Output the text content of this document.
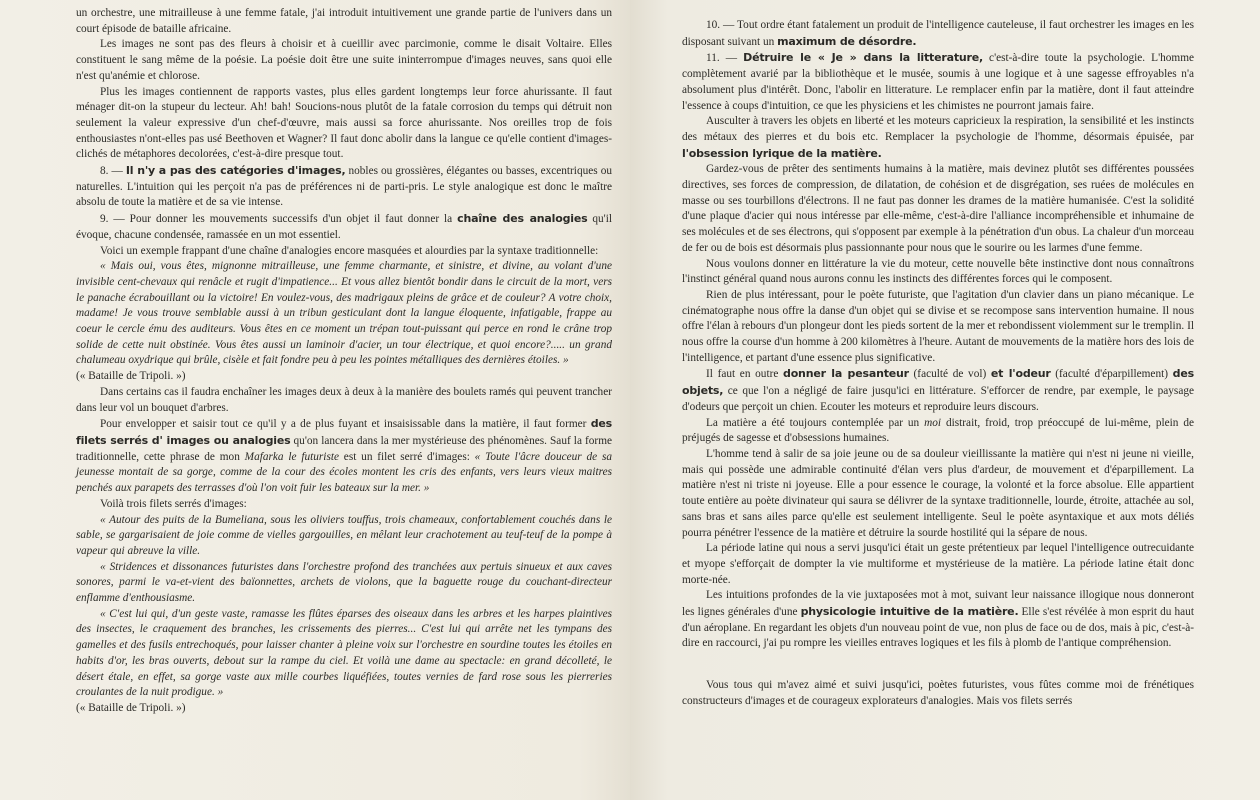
un orchestre, une mitrailleuse à une femme fatale, j'ai introduit intuitivement une grande partie de l'univers dans un court épisode de bataille africaine.

Les images ne sont pas des fleurs à choisir et à cueillir avec parcimonie, comme le disait Voltaire. Elles constituent le sang même de la poésie. La poésie doit être une suite ininterrompue d'images neuves, sans quoi elle n'est qu'anémie et chlorose.

Plus les images contiennent de rapports vastes, plus elles gardent longtemps leur force ahurissante. Il faut ménager dit-on la stupeur du lecteur. Ah! bah! Soucions-nous plutôt de la fatale corrosion du temps qui détruit non seulement la valeur expressive d'un chef-d'œuvre, mais aussi sa force ahurissante. Nos oreilles trop de fois enthousiastes n'ont-elles pas usé Beethoven et Wagner? Il faut donc abolir dans la langue ce qu'elle contient d'images-clichés de métaphores decolorées, c'est-à-dire presque tout.

8. — Il n'y a pas des catégories d'images, nobles ou grossières, élégantes ou basses, excentriques ou naturelles. L'intuition qui les perçoit n'a pas de préférences ni de parti-pris. Le style analogique est donc le maître absolu de toute la matière et de sa vie intense.

9. — Pour donner les mouvements successifs d'un objet il faut donner la chaîne des analogies qu'il évoque, chacune condensée, ramassée en un mot essentiel.

Voici un exemple frappant d'une chaîne d'analogies encore masquées et alourdies par la syntaxe traditionnelle:

« Mais oui, vous êtes, mignonne mitrailleuse, une femme charmante, et sinistre, et divine, au volant d'une invisible cent-chevaux qui renâcle et rugit d'impatience... Et vous allez bientôt bondir dans le circuit de la mort, vers le panache écrabouillant ou la victoire! En voulez-vous, des madrigaux pleins de grâce et de couleur? A votre choix, madame! Je vous trouve semblable aussi à un tribun gesticulant dont la langue éloquente, infatigable, frappe au coeur le cercle ému des auditeurs. Vous êtes en ce moment un trépan tout-puissant qui perce en rond le crâne trop solide de cette nuit obstinée. Vous êtes aussi un laminoir d'acier, un tour électrique, et quoi encore?..... un grand chalumeau oxydrique qui brûle, cisèle et fait fondre peu à peu les pointes métalliques des dernières étoiles. »

(« Bataille de Tripoli. »)

Dans certains cas il faudra enchaîner les images deux à deux à la manière des boulets ramés qui peuvent trancher dans leur vol un bouquet d'arbres.

Pour envelopper et saisir tout ce qu'il y a de plus fuyant et insaisissable dans la matière, il faut former des filets serrés d' images ou analogies qu'on lancera dans la mer mystérieuse des phénomènes. Sauf la forme traditionnelle, cette phrase de mon Mafarka le futuriste est un filet serré d'images: « Toute l'âcre douceur de sa jeunesse montait de sa gorge, comme de la cour des écoles montent les cris des enfants, vers leurs vieux maitres penchés aux parapets des terrasses d'où l'on voit fuir les bateaux sur la mer. »

Voilà trois filets serrés d'images:

« Autour des puits de la Bumeliana, sous les oliviers touffus, trois chameaux, confortablement couchés dans le sable, se gargarisaient de joie comme de vielles gargouilles, en mêlant leur crachotement au teuf-teuf de la pompe à vapeur qui abreuve la ville.

« Stridences et dissonances futuristes dans l'orchestre profond des tranchées aux pertuis sinueux et aux caves sonores, parmi le va-et-vient des baïonnettes, archets de violons, que la baguette rouge du couchant-directeur enflamme d'enthousiasme.

« C'est lui qui, d'un geste vaste, ramasse les flûtes éparses des oiseaux dans les arbres et les harpes plaintives des insectes, le craquement des branches, les crissements des pierres... C'est lui qui arrête net les tympans des gamelles et des fusils entrechoqués, pour laisser chanter à pleine voix sur l'orchestre en sourdine toutes les étoiles en habits d'or, les bras ouverts, debout sur la rampe du ciel. Et voilà une dame au spectacle: en grand décolleté, le désert étale, en effet, sa gorge vaste aux mille courbes liquéfiées, toutes vernies de fard rose sous les pierreries croulantes de la nuit prodigue. »

(« Bataille de Tripoli. »)

10. — Tout ordre étant fatalement un produit de l'intelligence cauteleuse, il faut orchestrer les images en les disposant suivant un maximum de désordre.

11. — Détruire le « Je » dans la litterature, c'est-à-dire toute la psychologie. L'homme complètement avarié par la bibliothèque et le musée, soumis à une logique et à une sagesse effroyables n'a absolument plus d'intérêt. Donc, l'abolir en litterature. Le remplacer enfin par la matière, dont il faut atteindre l'essence à coups d'intuition, ce que les physiciens et les chimistes ne pourront jamais faire.

Ausculter à travers les objets en liberté et les moteurs capricieux la respiration, la sensibilité et les instincts des métaux des pierres et du bois etc. Remplacer la psychologie de l'homme, désormais épuisée, par l'obsession lyrique de la matière.

Gardez-vous de prêter des sentiments humains à la matière, mais devinez plutôt ses différentes poussées directives, ses forces de compression, de dilatation, de cohésion et de disgrégation, ses ruées de molécules en masse ou ses tourbillons d'électrons. Il ne faut pas donner les drames de la matière humanisée. C'est la solidité d'une plaque d'acier qui nous intéresse par elle-même, c'est-à-dire l'alliance incompréhensible et inhumaine de ses molécules et de ses électrons, qui s'opposent par exemple à la pénétration d'un obus. La chaleur d'un morceau de fer ou de bois est désormais plus passionnante pour nous que le sourire ou les larmes d'une femme.

Nous voulons donner en littérature la vie du moteur, cette nouvelle bête instinctive dont nous connaîtrons l'instinct général quand nous aurons connu les instincts des différentes forces qui le composent.

Rien de plus intéressant, pour le poète futuriste, que l'agitation d'un clavier dans un piano mécanique. Le cinématographe nous offre la danse d'un objet qui se divise et se recompose sans intervention humaine. Il nous offre l'élan à rebours d'un plongeur dont les pieds sortent de la mer et rebondissent violemment sur le tremplin. Il nous offre la course d'un homme à 200 kilomètres à l'heure. Autant de mouvements de la matière hors des lois de l'intelligence, et partant d'une essence plus significative.

Il faut en outre donner la pesanteur (faculté de vol) et l'odeur (faculté d'éparpillement) des objets, ce que l'on a négligé de faire jusqu'ici en littérature. S'efforcer de rendre, par exemple, le paysage d'odeurs que perçoit un chien. Ecouter les moteurs et reproduire leurs discours.

La matière a été toujours contemplée par un moi distrait, froid, trop préoccupé de lui-même, plein de préjugés de sagesse et d'obsessions humaines.

L'homme tend à salir de sa joie jeune ou de sa douleur vieillissante la matière qui n'est ni jeune ni vieille, mais qui possède une admirable continuité d'élan vers plus d'ardeur, de mouvement et d'éparpillement. La matière n'est ni triste ni joyeuse. Elle a pour essence le courage, la volonté et la force absolue. Elle appartient toute entière au poète divinateur qui saura se délivrer de la syntaxe traditionnelle, lourde, étroite, attachée au sol, sans bras et sans ailes parce qu'elle est seulement intelligente. Seul le poète asyntaxique et aux mots déliés pourra pénétrer l'essence de la matière et détruire la sourde hostilité qui la sépare de nous.

La période latine qui nous a servi jusqu'ici était un geste prétentieux par lequel l'intelligence outrecuidante et myope s'efforçait de dompter la vie multiforme et mystérieuse de la matière. La période latine était donc morte-née.

Les intuitions profondes de la vie juxtaposées mot à mot, suivant leur naissance illogique nous donneront les lignes générales d'une physicologie intuitive de la matière. Elle s'est révélée à mon esprit du haut d'un aéroplane. En regardant les objets d'un nouveau point de vue, non plus de face ou de dos, mais à pic, c'est-à-dire en raccourci, j'ai pu rompre les vieilles entraves logiques et les fils à plomb de l'antique compréhension.

Vous tous qui m'avez aimé et suivi jusqu'ici, poètes futuristes, vous fûtes comme moi de frénétiques constructeurs d'images et de courageux explorateurs d'analogies. Mais vos filets serrés
